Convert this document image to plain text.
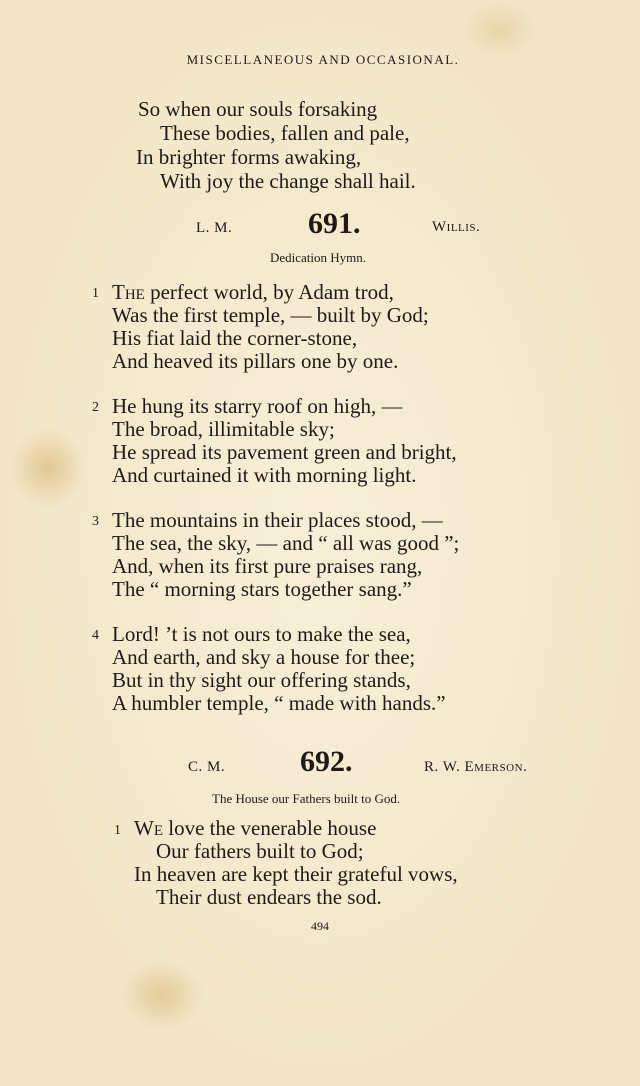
MISCELLANEOUS AND OCCASIONAL.
So when our souls forsaking
These bodies, fallen and pale,
In brighter forms awaking,
With joy the change shall hail.
L. M.	691.	Willis.
Dedication Hymn.
1 The perfect world, by Adam trod,
Was the first temple, — built by God;
His fiat laid the corner-stone,
And heaved its pillars one by one.
2 He hung its starry roof on high, —
The broad, illimitable sky;
He spread its pavement green and bright,
And curtained it with morning light.
3 The mountains in their places stood, —
The sea, the sky, — and “ all was good ”;
And, when its first pure praises rang,
The “ morning stars together sang.”
4 Lord! ’t is not ours to make the sea,
And earth, and sky a house for thee;
But in thy sight our offering stands,
A humbler temple, “ made with hands.”
C. M. 692.	R. W. Emerson.
The House our Fathers built to God.
1 We love the venerable house
Our fathers built to God;
In heaven are kept their grateful vows,
Their dust endears the sod.
494
